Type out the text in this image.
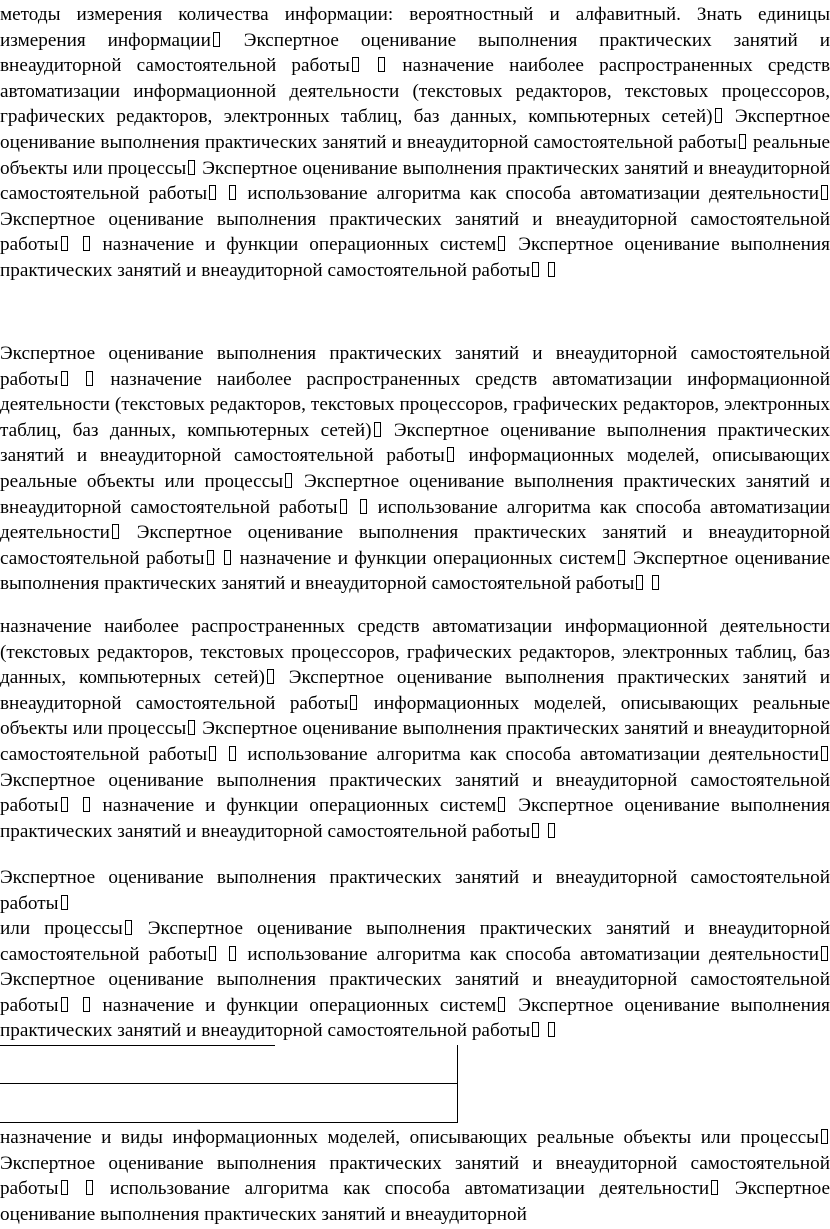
методы измерения количества информации: вероятностный и алфавитный. Знать единицы измерения информации Экспертное оценивание выполнения практических занятий и внеаудиторной самостоятельной работы  назначение наиболее распространенных средств автоматизации информационной деятельности (текстовых редакторов, текстовых процессоров, графических редакторов, электронных таблиц, баз данных, компьютерных сетей) Экспертное оценивание выполнения практических занятий и внеаудиторной самостоятельной работы реальные объекты или процессы Экспертное оценивание выполнения практических занятий и внеаудиторной самостоятельной работы  использование алгоритма как способа автоматизации деятельности Экспертное оценивание выполнения практических занятий и внеаудиторной самостоятельной работы  назначение и функции операционных систем Экспертное оценивание выполнения практических занятий и внеаудиторной самостоятельной работы

Экспертное оценивание выполнения практических занятий и внеаудиторной самостоятельной работы  назначение наиболее распространенных средств автоматизации информационной деятельности (текстовых редакторов, текстовых процессоров, графических редакторов, электронных таблиц, баз данных, компьютерных сетей) Экспертное оценивание выполнения практических занятий и внеаудиторной самостоятельной работы информационных моделей, описывающих реальные объекты или процессы Экспертное оценивание выполнения практических занятий и внеаудиторной самостоятельной работы  использование алгоритма как способа автоматизации деятельности Экспертное оценивание выполнения практических занятий и внеаудиторной самостоятельной работы  назначение и функции операционных систем Экспертное оценивание выполнения практических занятий и внеаудиторной самостоятельной работы

назначение наиболее распространенных средств автоматизации информационной деятельности (текстовых редакторов, текстовых процессоров, графических редакторов, электронных таблиц, баз данных, компьютерных сетей) Экспертное оценивание выполнения практических занятий и внеаудиторной самостоятельной работы информационных моделей, описывающих реальные объекты или процессы Экспертное оценивание выполнения практических занятий и внеаудиторной самостоятельной работы  использование алгоритма как способа автоматизации деятельности Экспертное оценивание выполнения практических занятий и внеаудиторной самостоятельной работы  назначение и функции операционных систем Экспертное оценивание выполнения практических занятий и внеаудиторной самостоятельной работы

Экспертное оценивание выполнения практических занятий и внеаудиторной самостоятельной работы

или процессы Экспертное оценивание выполнения практических занятий и внеаудиторной самостоятельной работы  использование алгоритма как способа автоматизации деятельности Экспертное оценивание выполнения практических занятий и внеаудиторной самостоятельной работы  назначение и функции операционных систем Экспертное оценивание выполнения практических занятий и внеаудиторной самостоятельной работы

назначение и виды информационных моделей, описывающих реальные объекты или процессы Экспертное оценивание выполнения практических занятий и внеаудиторной самостоятельной работы  использование алгоритма как способа автоматизации деятельности Экспертное оценивание выполнения практических занятий и внеаудиторной
